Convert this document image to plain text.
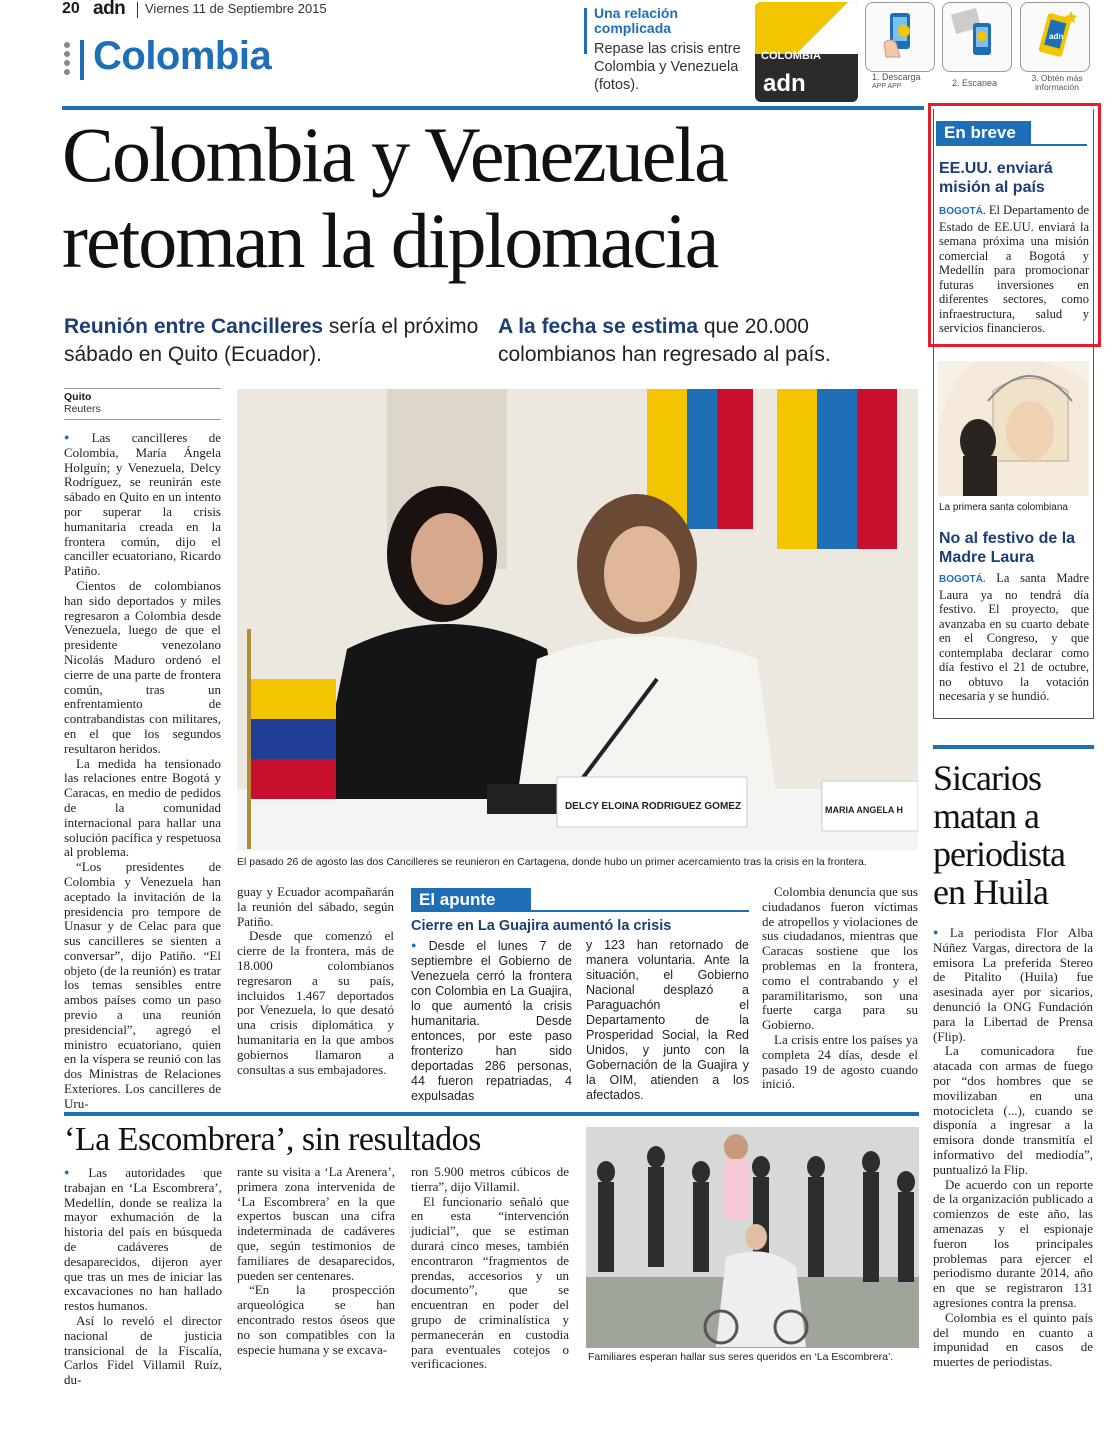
20 adn Viernes 11 de Septiembre 2015
Colombia
Una relación complicada
Repase las crisis entre Colombia y Venezuela (fotos).
COLOMBIA
adn	1. Descarga
APP APP	2. Escanea
adn
3. Obtén más información
Colombia y Venezuela retoman la diplomacia
Reunión entre Cancilleres sería el próximo sábado en Quito (Ecuador).
A la fecha se estima que 20.000 colombianos han regresado al país.
Quito
Reuters

● Las cancilleres de Colombia, María Ángela Holguín; y Venezuela, Delcy Rodríguez, se reunirán este sábado en Quito en un intento por superar la crisis humanitaria creada en la frontera común, dijo el canciller ecuatoriano, Ricardo Patiño.

Cientos de colombianos han sido deportados y miles regresaron a Colombia desde Venezuela, luego de que el presidente venezolano Nicolás Maduro ordenó el cierre de una parte de frontera común, tras un enfrentamiento de contrabandistas con militares, en el que los segundos resultaron heridos.

La medida ha tensionado las relaciones entre Bogotá y Caracas, en medio de pedidos de la comunidad internacional para hallar una solución pacífica y respetuosa al problema.

“Los presidentes de Colombia y Venezuela han aceptado la invitación de la presidencia pro tempore de Unasur y de Celac para que sus cancilleres se sienten a conversar”, dijo Patiño. “El objeto (de la reunión) es tratar los temas sensibles entre ambos países como un paso previo a una reunión presidencial”, agregó el ministro ecuatoriano, quien en la víspera se reunió con las dos Ministras de Relaciones Exteriores. Los cancilleres de Uru-

DELCY ELOINA RODRIGUEZ GOMEZ	MARIA ANGELA H
El pasado 26 de agosto las dos Cancilleres se reunieron en Cartagena, donde hubo un primer acercamiento tras la crisis en la frontera.

guay y Ecuador acompañarán la reunión del sábado, según Patiño.

Desde que comenzó el cierre de la frontera, más de 18.000 colombianos regresaron a su país, incluidos 1.467 deportados por Venezuela, lo que desató una crisis diplomática y humanitaria en la que ambos gobiernos llamaron a consultas a sus embajadores.

El apunte
Cierre en La Guajira aumentó la crisis
● Desde el lunes 7 de septiembre el Gobierno de Venezuela cerró la frontera con Colombia en La Guajira, lo que aumentó la crisis humanitaria. Desde entonces, por este paso fronterizo han sido deportadas 286 personas, 44 fueron repatriadas, 4 expulsadas
y 123 han retornado de manera voluntaria. Ante la situación, el Gobierno Nacional desplazó a Paraguachón el Departamento de la Prosperidad Social, la Red Unidos, y junto con la Gobernación de la Guajira y la OIM, atienden a los afectados.

Colombia denuncia que sus ciudadanos fueron víctimas de atropellos y violaciones de sus ciudadanos, mientras que Caracas sostiene que los problemas en la frontera, como el contrabando y el paramilitarismo, son una fuerte carga para su Gobierno.

La crisis entre los países ya completa 24 días, desde el pasado 19 de agosto cuando inició.

En breve
EE.UU. enviará misión al país
BOGOTÁ. El Departamento de Estado de EE.UU. enviará la semana próxima una misión comercial a Bogotá y Medellín para promocionar futuras inversiones en diferentes sectores, como infraestructura, salud y servicios financieros.
La primera santa colombiana
No al festivo de la Madre Laura
BOGOTÁ. La santa Madre Laura ya no tendrá día festivo. El proyecto, que avanzaba en su cuarto debate en el Congreso, y que contemplaba declarar como día festivo el 21 de octubre, no obtuvo la votación necesaria y se hundió.
Sicarios matan a periodista en Huila

● La periodista Flor Alba Núñez Vargas, directora de la emisora La preferida Stereo de Pitalito (Huila) fue asesinada ayer por sicarios, denunció la ONG Fundación para la Libertad de Prensa (Flip).

La comunicadora fue atacada con armas de fuego por “dos hombres que se movilizaban en una motocicleta (...), cuando se disponía a ingresar a la emisora donde transmitía el informativo del mediodía”, puntualizó la Flip.

De acuerdo con un reporte de la organización publicado a comienzos de este año, las amenazas y el espionaje fueron los principales problemas para ejercer el periodismo durante 2014, año en que se registraron 131 agresiones contra la prensa.

Colombia es el quinto país del mundo en cuanto a impunidad en casos de muertes de periodistas.

‘La Escombrera’, sin resultados

● Las autoridades que trabajan en ‘La Escombrera’, Medellín, donde se realiza la mayor exhumación de la historia del país en búsqueda de cadáveres de desaparecidos, dijeron ayer que tras un mes de iniciar las excavaciones no han hallado restos humanos.

Así lo reveló el director nacional de justicia transicional de la Fiscalía, Carlos Fidel Villamil Ruiz, du-

rante su visita a ‘La Arenera’, primera zona intervenida de ‘La Escombrera’ en la que expertos buscan una cifra indeterminada de cadáveres que, según testimonios de familiares de desaparecidos, pueden ser centenares.

“En la prospección arqueológica se han encontrado restos óseos que no son compatibles con la especie humana y se excava-

ron 5.900 metros cúbicos de tierra”, dijo Villamil.

El funcionario señaló que en esta “intervención judicial”, que se estiman durará cinco meses, también encontraron “fragmentos de prendas, accesorios y un documento”, que se encuentran en poder del grupo de criminalística y permanecerán en custodia para eventuales cotejos o verificaciones.	Familiares esperan hallar sus seres queridos en ‘La Escombrera’.
